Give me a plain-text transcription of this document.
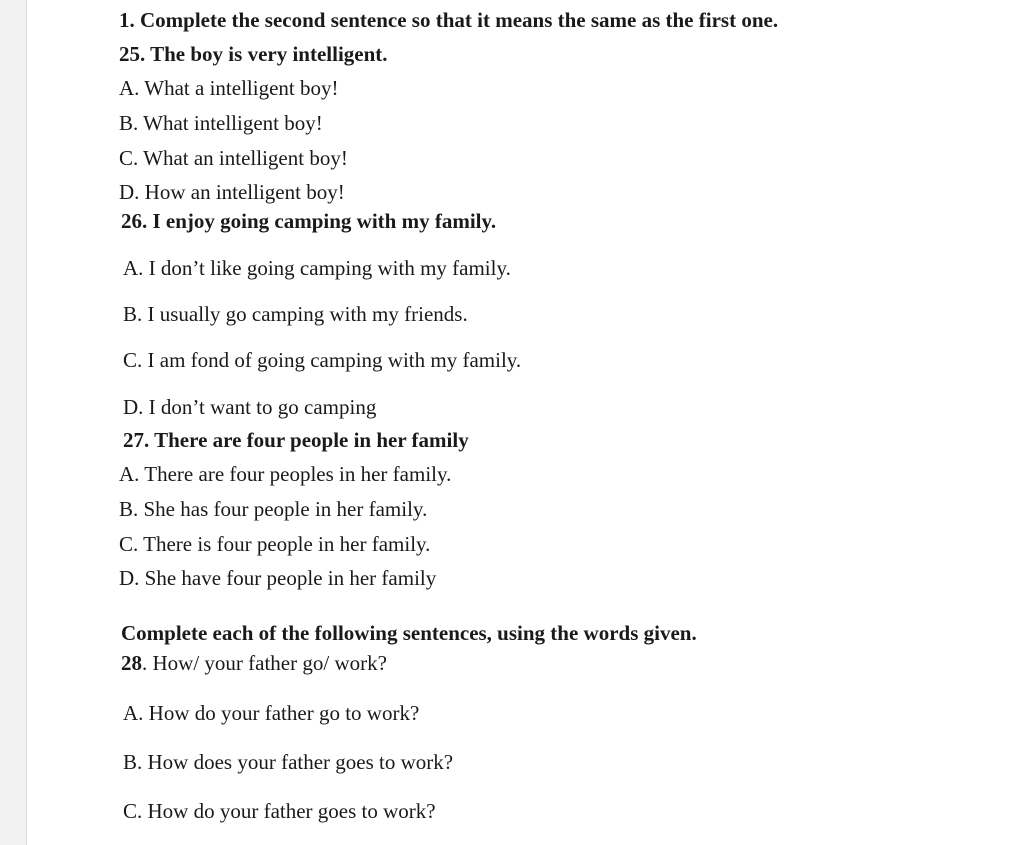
1. Complete the second sentence so that it means the same as the first one.
25. The boy is very intelligent.
A. What a intelligent boy!
B. What intelligent boy!
C. What an intelligent boy!
D. How an intelligent boy!
26. I enjoy going camping with my family.
A. I don’t like going camping with my family.
B. I usually go camping with my friends.
C. I am fond of going camping with my family.
D. I don’t want to go camping
27. There are four people in her family
A. There are four peoples in her family.
B. She has four people in her family.
C. There is four people in her family.
D. She have four people in her family
Complete each of the following sentences, using the words given.
28. How/ your father go/ work?
A. How do your father go to work?
B. How does your father goes to work?
C. How do your father goes to work?
